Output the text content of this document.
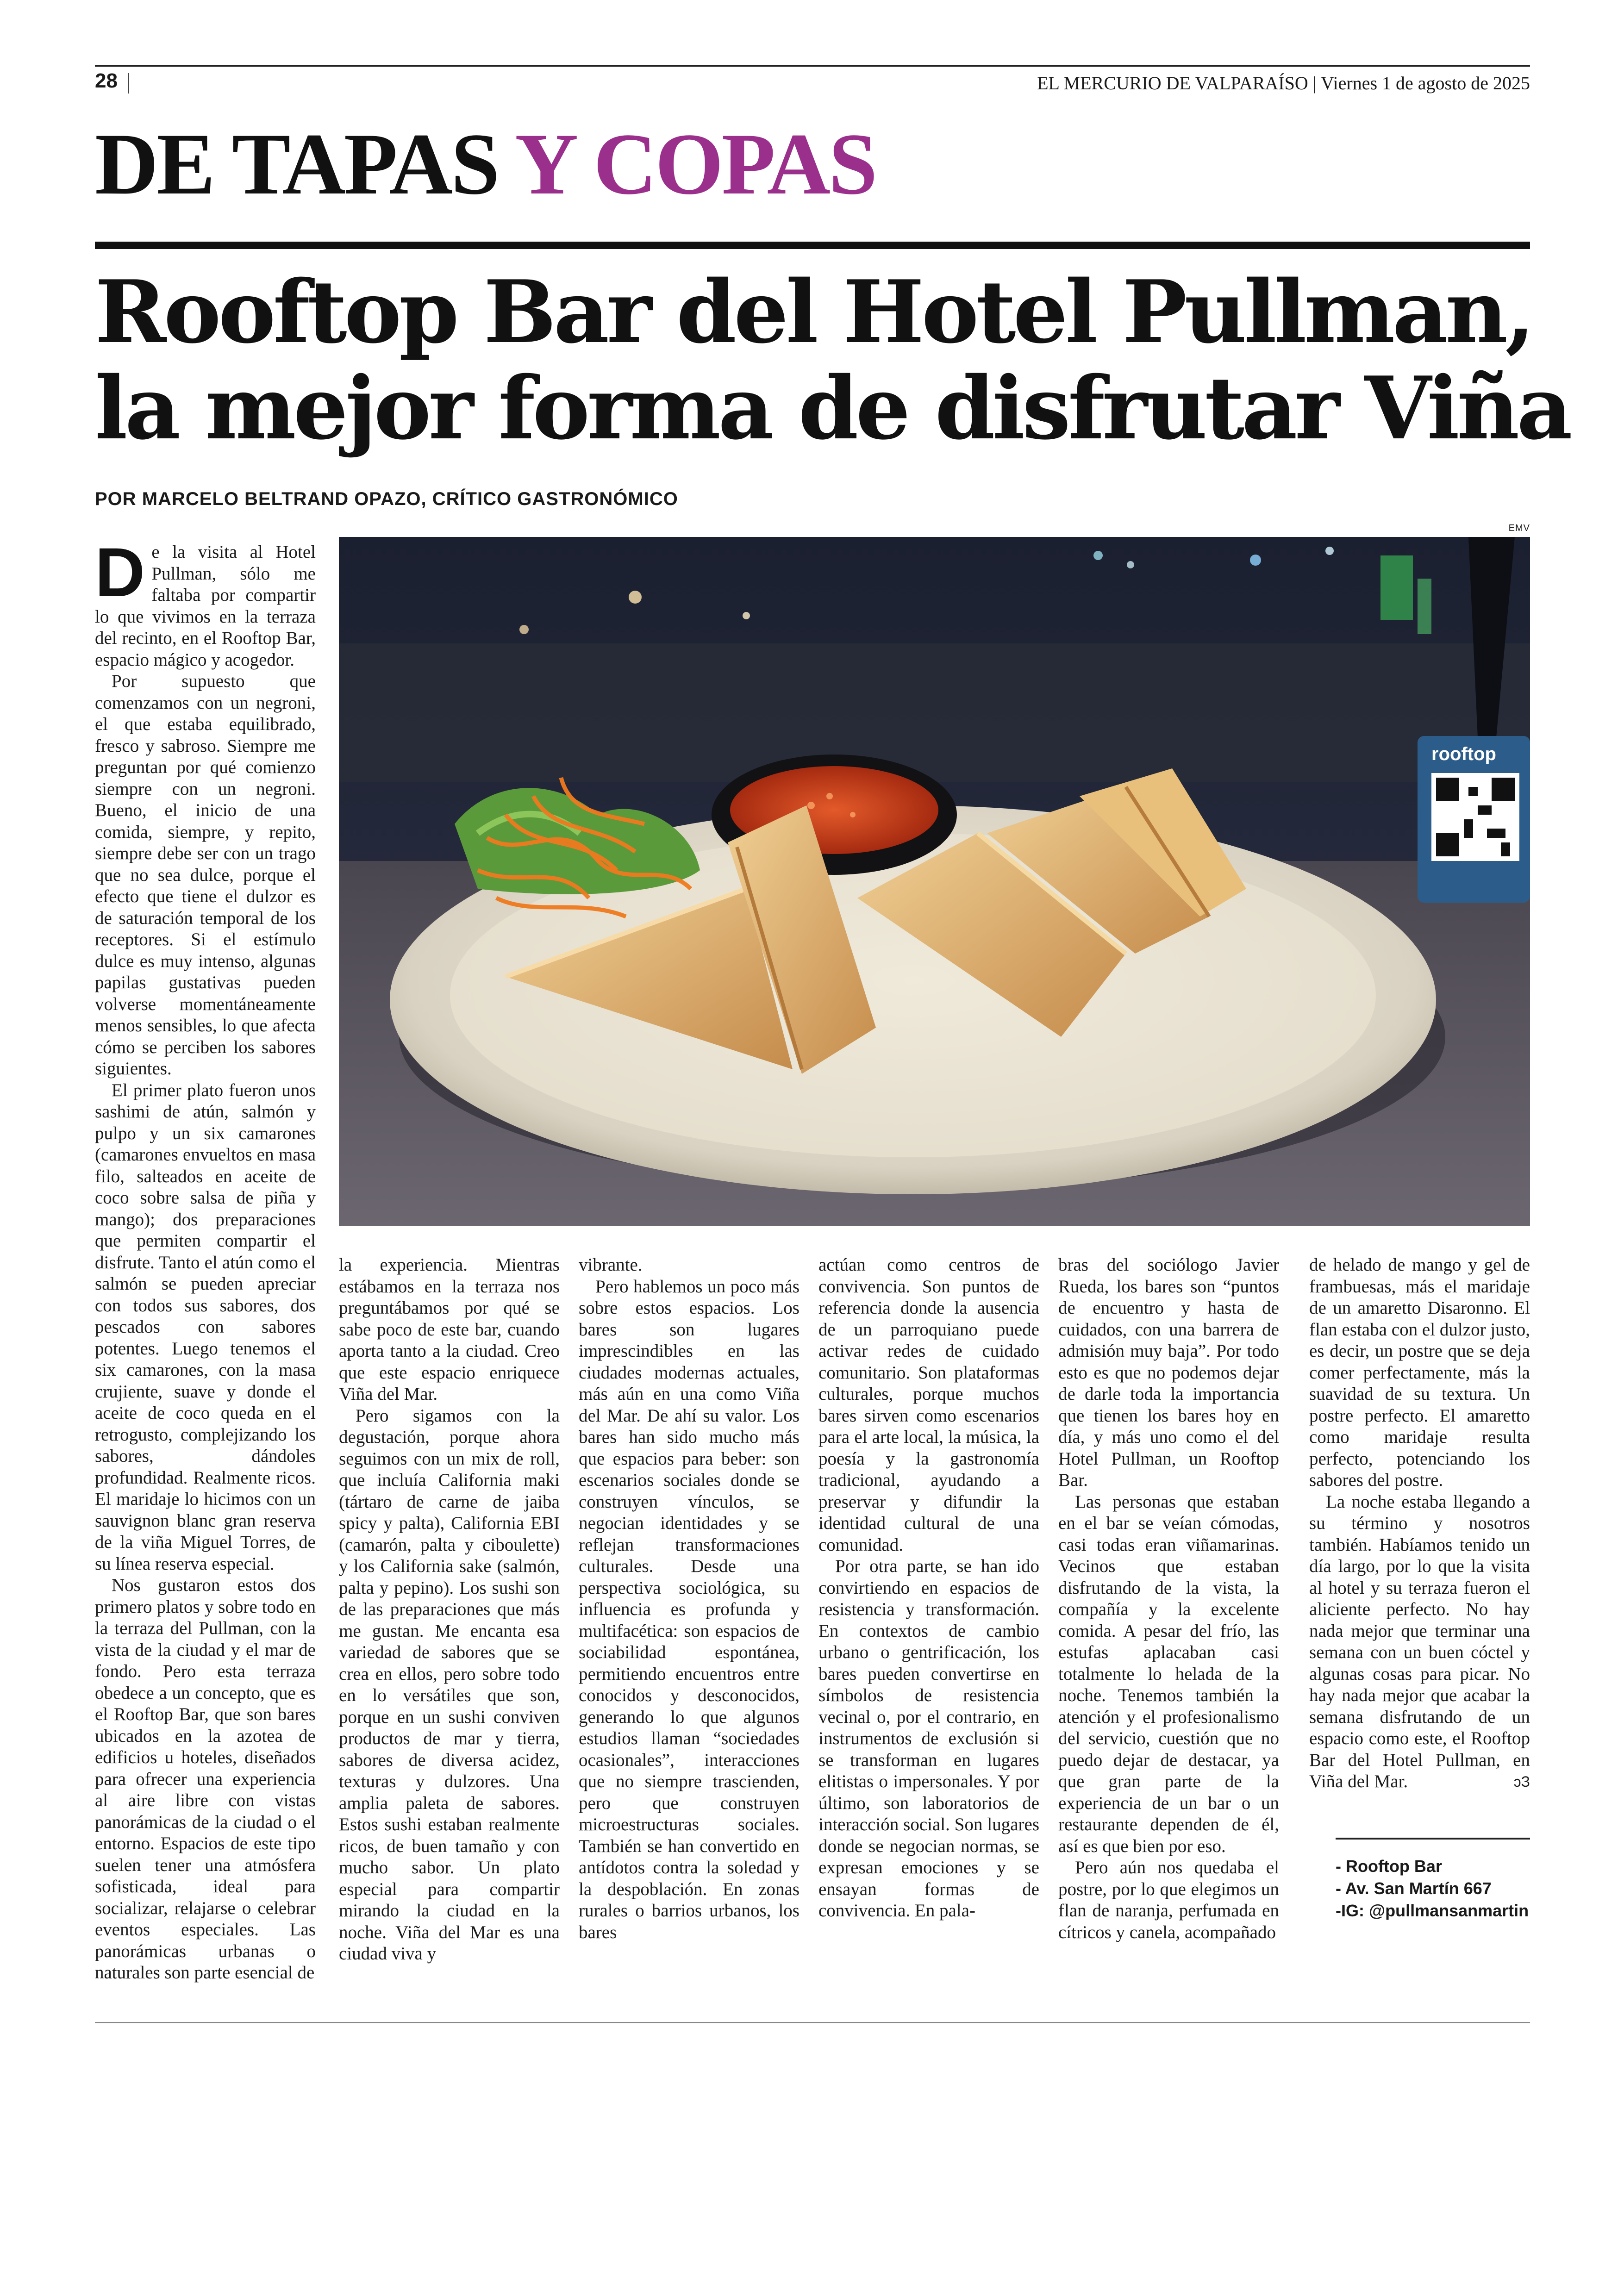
28	EL MERCURIO DE VALPARAÍSO | Viernes 1 de agosto de 2025
DE TAPAS Y COPAS
Rooftop Bar del Hotel Pullman,
la mejor forma de disfrutar Viña
POR MARCELO BELTRAND OPAZO, CRÍTICO GASTRONÓMICO
EMV
rooftop

De la visita al Hotel Pullman, sólo me faltaba por compartir lo que vivimos en la terraza del recinto, en el Rooftop Bar, espacio mágico y acogedor.

Por supuesto que comenzamos con un negroni, el que estaba equilibrado, fresco y sabroso. Siempre me preguntan por qué comienzo siempre con un negroni. Bueno, el inicio de una comida, siempre, y repito, siempre debe ser con un trago que no sea dulce, porque el efecto que tiene el dulzor es de saturación temporal de los receptores. Si el estímulo dulce es muy intenso, algunas papilas gustativas pueden volverse momentáneamente menos sensibles, lo que afecta cómo se perciben los sabores siguientes.

El primer plato fueron unos sashimi de atún, salmón y pulpo y un six camarones (camarones envueltos en masa filo, salteados en aceite de coco sobre salsa de piña y mango); dos preparaciones que permiten compartir el disfrute. Tanto el atún como el salmón se pueden apreciar con todos sus sabores, dos pescados con sabores potentes. Luego tenemos el six camarones, con la masa crujiente, suave y donde el aceite de coco queda en el retrogusto, complejizando los sabores, dándoles profundidad. Realmente ricos. El maridaje lo hicimos con un sauvignon blanc gran reserva de la viña Miguel Torres, de su línea reserva especial.

Nos gustaron estos dos primero platos y sobre todo en la terraza del Pullman, con la vista de la ciudad y el mar de fondo. Pero esta terraza obedece a un concepto, que es el Rooftop Bar, que son bares ubicados en la azotea de edificios u hoteles, diseñados para ofrecer una experiencia al aire libre con vistas panorámicas de la ciudad o el entorno. Espacios de este tipo suelen tener una atmósfera sofisticada, ideal para socializar, relajarse o celebrar eventos especiales. Las panorámicas urbanas o naturales son parte esencial de

la experiencia. Mientras estábamos en la terraza nos preguntábamos por qué se sabe poco de este bar, cuando aporta tanto a la ciudad. Creo que este espacio enriquece Viña del Mar.

Pero sigamos con la degustación, porque ahora seguimos con un mix de roll, que incluía California maki (tártaro de carne de jaiba spicy y palta), California EBI (camarón, palta y ciboulette) y los California sake (salmón, palta y pepino). Los sushi son de las preparaciones que más me gustan. Me encanta esa variedad de sabores que se crea en ellos, pero sobre todo en lo versátiles que son, porque en un sushi conviven productos de mar y tierra, sabores de diversa acidez, texturas y dulzores. Una amplia paleta de sabores. Estos sushi estaban realmente ricos, de buen tamaño y con mucho sabor. Un plato especial para compartir mirando la ciudad en la noche. Viña del Mar es una ciudad viva y

vibrante.

Pero hablemos un poco más sobre estos espacios. Los bares son lugares imprescindibles en las ciudades modernas actuales, más aún en una como Viña del Mar. De ahí su valor. Los bares han sido mucho más que espacios para beber: son escenarios sociales donde se construyen vínculos, se negocian identidades y se reflejan transformaciones culturales. Desde una perspectiva sociológica, su influencia es profunda y multifacética: son espacios de sociabilidad espontánea, permitiendo encuentros entre conocidos y desconocidos, generando lo que algunos estudios llaman “sociedades ocasionales”, interacciones que no siempre trascienden, pero que construyen microestructuras sociales. También se han convertido en antídotos contra la soledad y la despoblación. En zonas rurales o barrios urbanos, los bares

actúan como centros de convivencia. Son puntos de referencia donde la ausencia de un parroquiano puede activar redes de cuidado comunitario. Son plataformas culturales, porque muchos bares sirven como escenarios para el arte local, la música, la poesía y la gastronomía tradicional, ayudando a preservar y difundir la identidad cultural de una comunidad.

Por otra parte, se han ido convirtiendo en espacios de resistencia y transformación. En contextos de cambio urbano o gentrificación, los bares pueden convertirse en símbolos de resistencia vecinal o, por el contrario, en instrumentos de exclusión si se transforman en lugares elitistas o impersonales. Y por último, son laboratorios de interacción social. Son lugares donde se negocian normas, se expresan emociones y se ensayan formas de convivencia. En pala-

bras del sociólogo Javier Rueda, los bares son “puntos de encuentro y hasta de cuidados, con una barrera de admisión muy baja”. Por todo esto es que no podemos dejar de darle toda la importancia que tienen los bares hoy en día, y más uno como el del Hotel Pullman, un Rooftop Bar.

Las personas que estaban en el bar se veían cómodas, casi todas eran viñamarinas. Vecinos que estaban disfrutando de la vista, la compañía y la excelente comida. A pesar del frío, las estufas aplacaban casi totalmente lo helada de la noche. Tenemos también la atención y el profesionalismo del servicio, cuestión que no puedo dejar de destacar, ya que gran parte de la experiencia de un bar o un restaurante dependen de él, así es que bien por eso.

Pero aún nos quedaba el postre, por lo que elegimos un flan de naranja, perfumada en cítricos y canela, acompañado

de helado de mango y gel de frambuesas, más el maridaje de un amaretto Disaronno. El flan estaba con el dulzor justo, es decir, un postre que se deja comer perfectamente, más la suavidad de su textura. Un postre perfecto. El amaretto como maridaje resulta perfecto, potenciando los sabores del postre.

La noche estaba llegando a su término y nosotros también. Habíamos tenido un día largo, por lo que la visita al hotel y su terraza fueron el aliciente perfecto. No hay nada mejor que terminar una semana con un buen cóctel y algunas cosas para picar. No hay nada mejor que acabar la semana disfrutando de un espacio como este, el Rooftop Bar del Hotel Pullman, en Viña del Mar.	ↄЗ

- Rooftop Bar
- Av. San Martín 667
-IG: @pullmansanmartin
